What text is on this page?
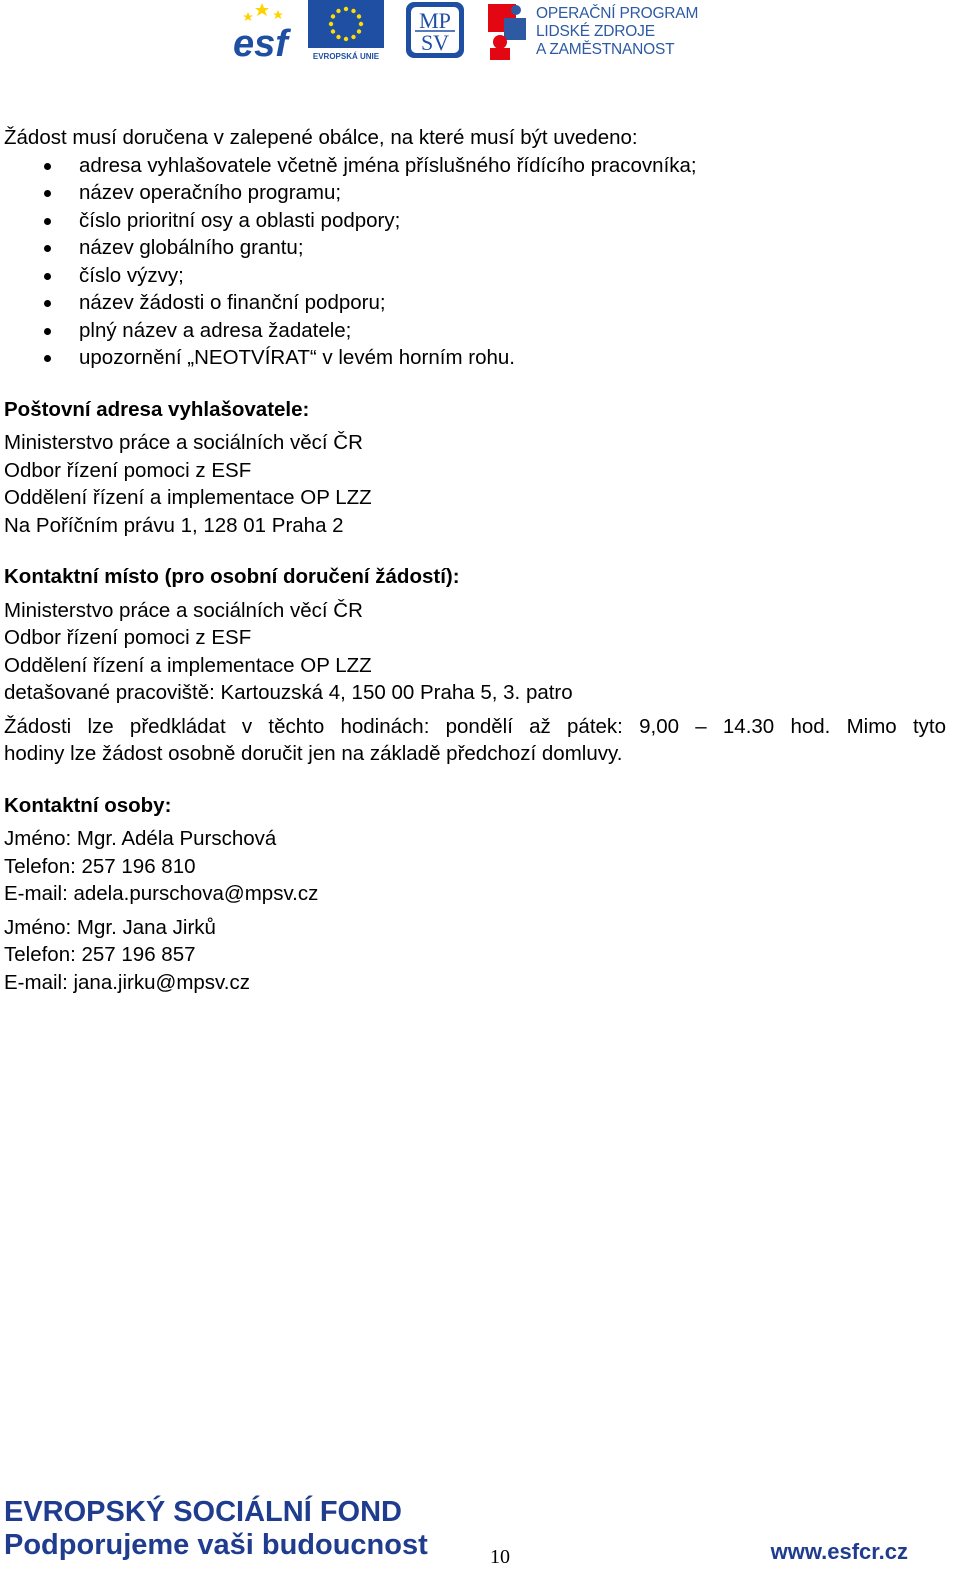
esf	EVROPSKÁ UNIE
MP
SV
OPERAČNÍ PROGRAM
LIDSKÉ ZDROJE
A ZAMĚSTNANOST
Žádost musí doručena v zalepené obálce, na které musí být uvedeno:
adresa vyhlašovatele včetně jména příslušného řídícího pracovníka;
název operačního programu;
číslo prioritní osy a oblasti podpory;
název globálního grantu;
číslo výzvy;
název žádosti o finanční podporu;
plný název a adresa žadatele;
upozornění „NEOTVÍRAT“ v levém horním rohu.
Poštovní adresa vyhlašovatele:
Ministerstvo práce a sociálních věcí ČR
Odbor řízení pomoci z ESF
Oddělení řízení a implementace OP LZZ
Na Poříčním právu 1, 128 01 Praha 2
Kontaktní místo (pro osobní doručení žádostí):
Ministerstvo práce a sociálních věcí ČR
Odbor řízení pomoci z ESF
Oddělení řízení a implementace OP LZZ
detašované pracoviště: Kartouzská 4, 150 00 Praha 5, 3. patro
Žádosti lze předkládat v těchto hodinách: pondělí až pátek: 9,00 – 14.30 hod. Mimo tyto
hodiny lze žádost osobně doručit jen na základě předchozí domluvy.
Kontaktní osoby:
Jméno: Mgr. Adéla Purschová
Telefon: 257 196 810
E-mail: adela.purschova@mpsv.cz
Jméno: Mgr. Jana Jirků
Telefon: 257 196 857
E-mail: jana.jirku@mpsv.cz
EVROPSKÝ SOCIÁLNÍ FOND
Podporujeme vaši budoucnost	10	www.esfcr.cz
